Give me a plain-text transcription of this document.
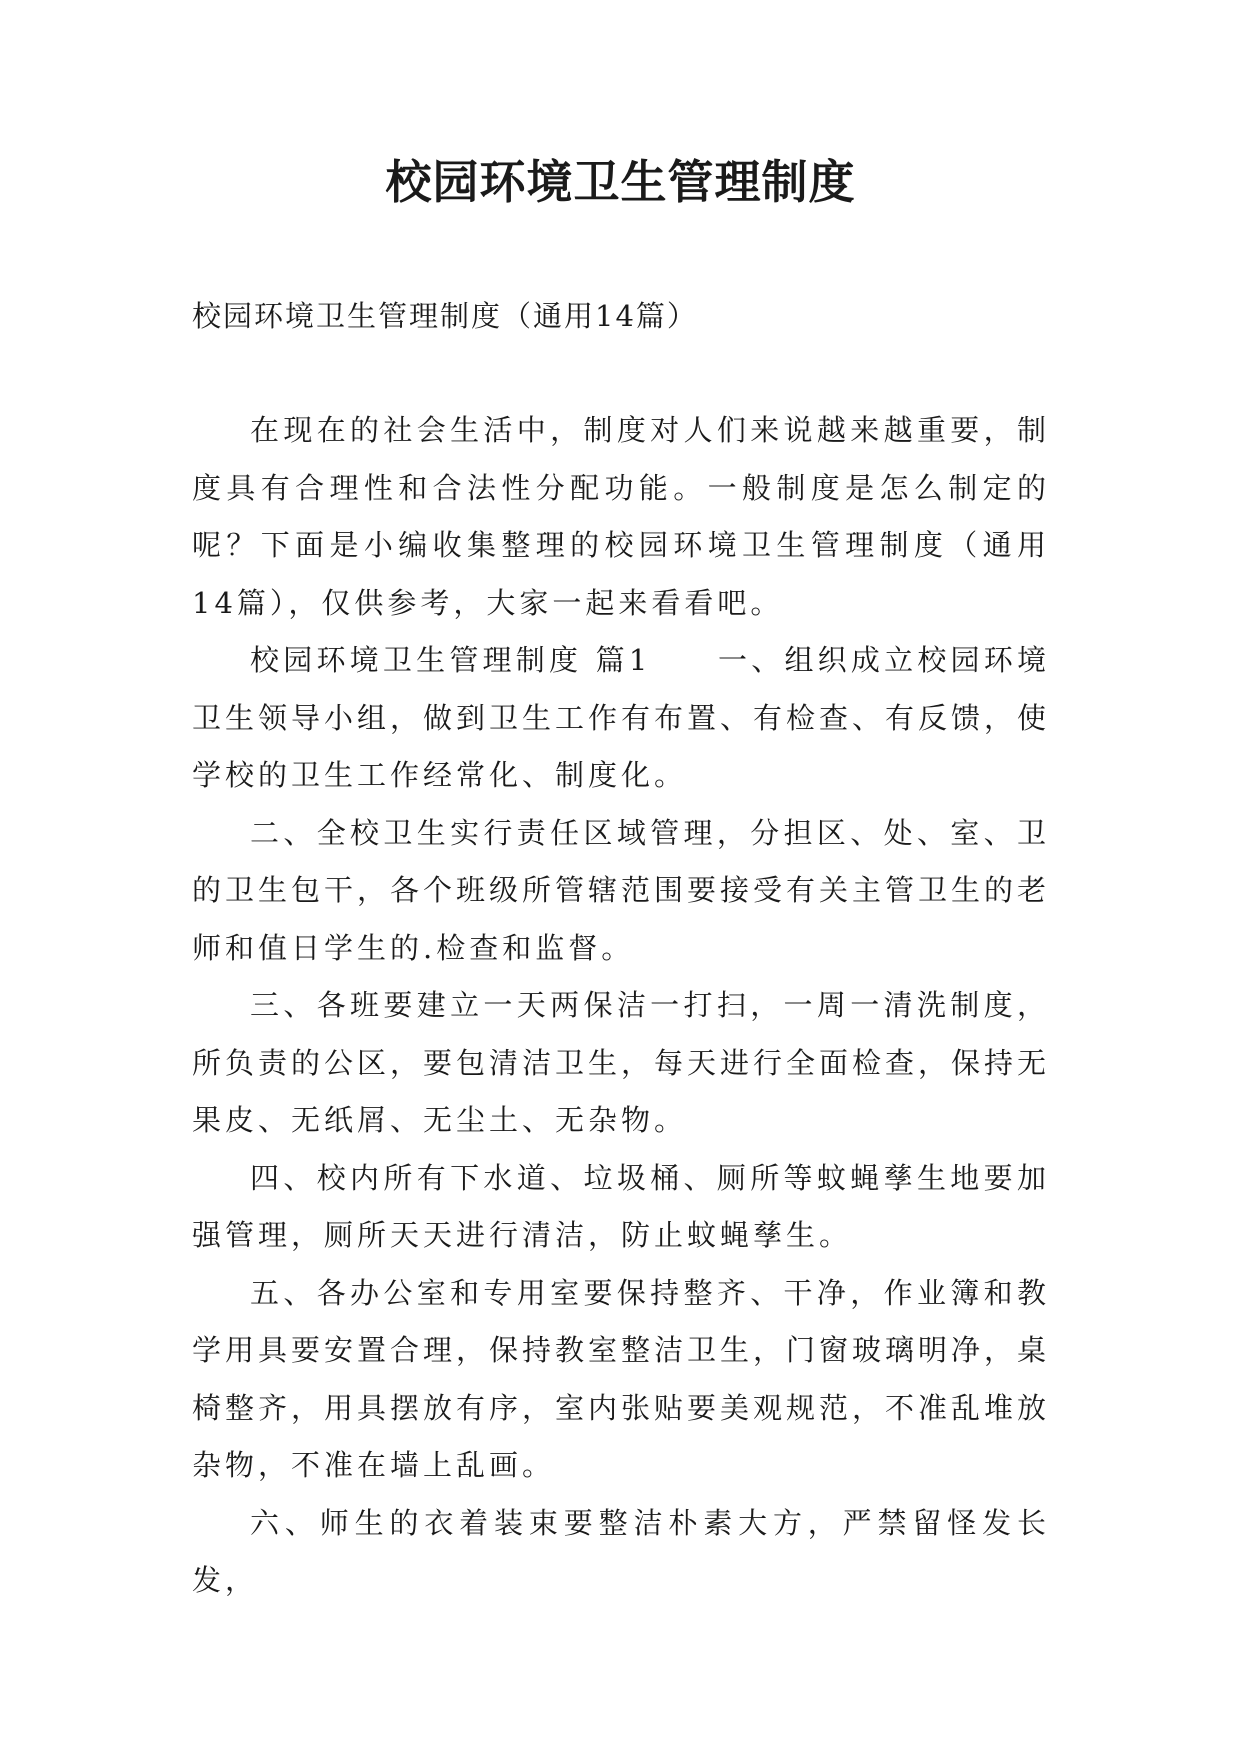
校园环境卫生管理制度
校园环境卫生管理制度（通用14篇）

在现在的社会生活中，制度对人们来说越来越重要，制度具有合理性和合法性分配功能。一般制度是怎么制定的呢？下面是小编收集整理的校园环境卫生管理制度（通用14篇），仅供参考，大家一起来看看吧。

校园环境卫生管理制度 篇1　　一、组织成立校园环境卫生领导小组，做到卫生工作有布置、有检查、有反馈，使学校的卫生工作经常化、制度化。

二、全校卫生实行责任区域管理，分担区、处、室、卫的卫生包干，各个班级所管辖范围要接受有关主管卫生的老师和值日学生的.检查和监督。

三、各班要建立一天两保洁一打扫，一周一清洗制度，所负责的公区，要包清洁卫生，每天进行全面检查，保持无果皮、无纸屑、无尘土、无杂物。

四、校内所有下水道、垃圾桶、厕所等蚊蝇孳生地要加强管理，厕所天天进行清洁，防止蚊蝇孳生。

五、各办公室和专用室要保持整齐、干净，作业簿和教学用具要安置合理，保持教室整洁卫生，门窗玻璃明净，桌椅整齐，用具摆放有序，室内张贴要美观规范，不准乱堆放杂物，不准在墙上乱画。

六、师生的衣着装束要整洁朴素大方，严禁留怪发长发，
